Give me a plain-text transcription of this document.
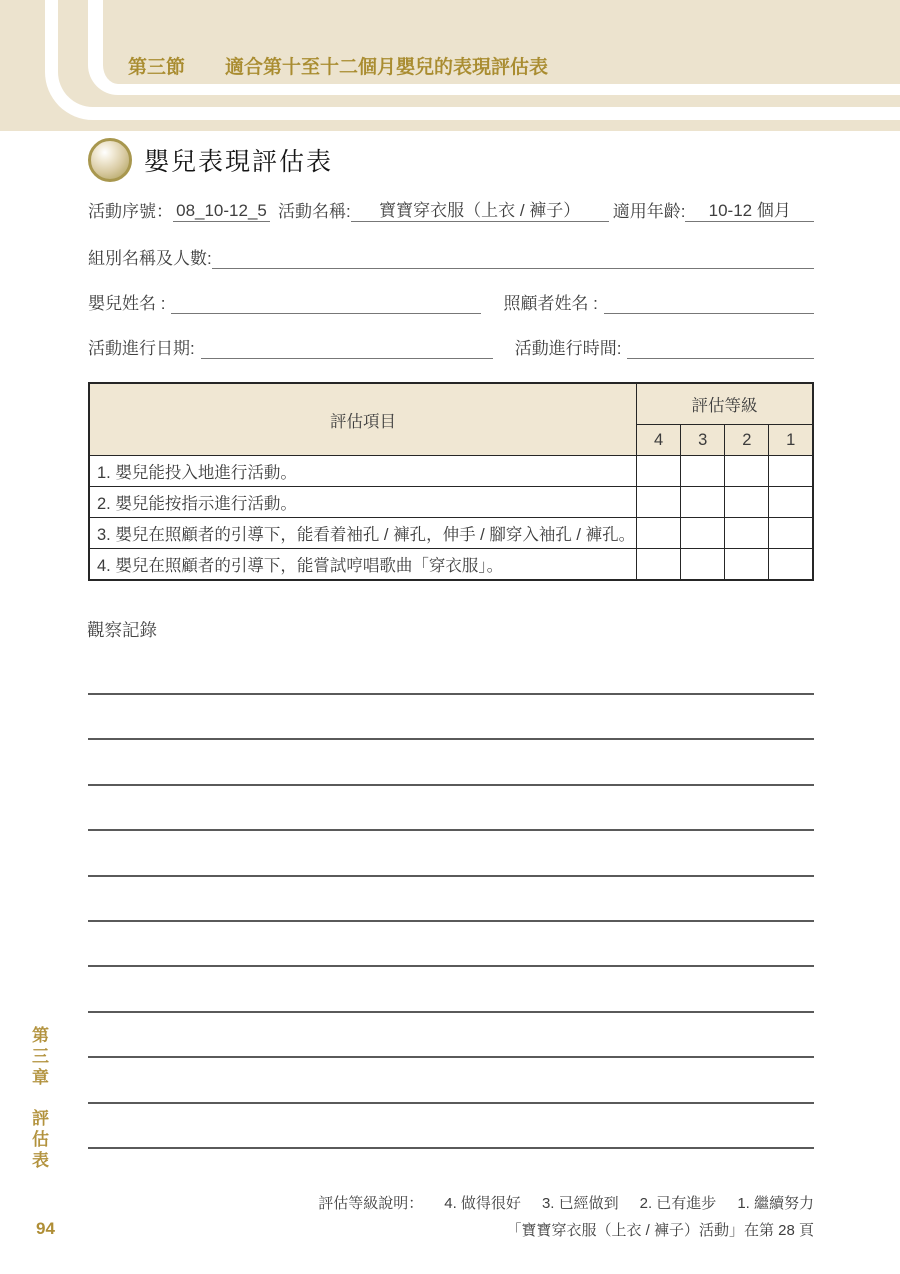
第三節 適合第十至十二個月嬰兒的表現評估表
嬰兒表現評估表
活動序號： 08_10-12_5 活動名稱:	寶寶穿衣服（上衣 / 褲子）	適用年齡:	10-12 個月
組別名稱及人數:
嬰兒姓名 :	照顧者姓名 :
活動進行日期:	活動進行時間:
評估項目	評估等級			
	4	3	2	1
1. 嬰兒能投入地進行活動。				
2. 嬰兒能按指示進行活動。				
3. 嬰兒在照顧者的引導下，能看着袖孔 / 褲孔，伸手 / 腳穿入袖孔 / 褲孔。				
4. 嬰兒在照顧者的引導下，能嘗試哼唱歌曲「穿衣服」。				
觀察記錄
評估等級說明： 4. 做得很好 3. 已經做到 2. 已有進步 1. 繼續努力
「寶寶穿衣服（上衣 / 褲子）活動」在第 28 頁
第三章
評估表
94
